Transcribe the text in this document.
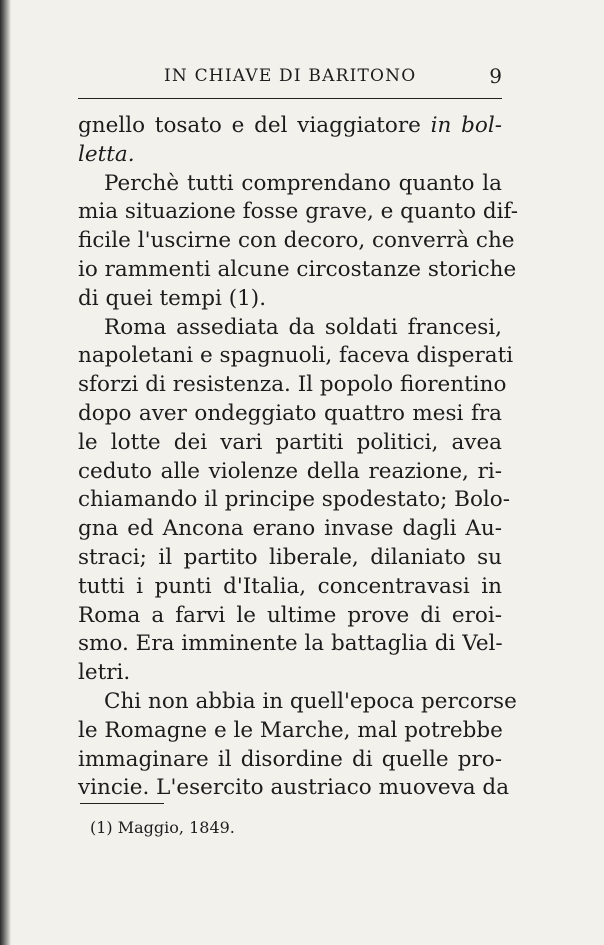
IN CHIAVE DI BARITONO	9
gnello tosato e del viaggiatore in bol-
letta.
Perchè tutti comprendano quanto la
mia situazione fosse grave, e quanto dif-
ficile l'uscirne con decoro, converrà che
io rammenti alcune circostanze storiche
di quei tempi (1).
Roma assediata da soldati francesi,
napoletani e spagnuoli, faceva disperati
sforzi di resistenza. Il popolo fiorentino
dopo aver ondeggiato quattro mesi fra
le lotte dei vari partiti politici, avea
ceduto alle violenze della reazione, ri-
chiamando il principe spodestato; Bolo-
gna ed Ancona erano invase dagli Au-
straci; il partito liberale, dilaniato su
tutti i punti d'Italia, concentravasi in
Roma a farvi le ultime prove di eroi-
smo. Era imminente la battaglia di Vel-
letri.
Chi non abbia in quell'epoca percorse
le Romagne e le Marche, mal potrebbe
immaginare il disordine di quelle pro-
vincie. L'esercito austriaco muoveva da
(1) Maggio, 1849.
